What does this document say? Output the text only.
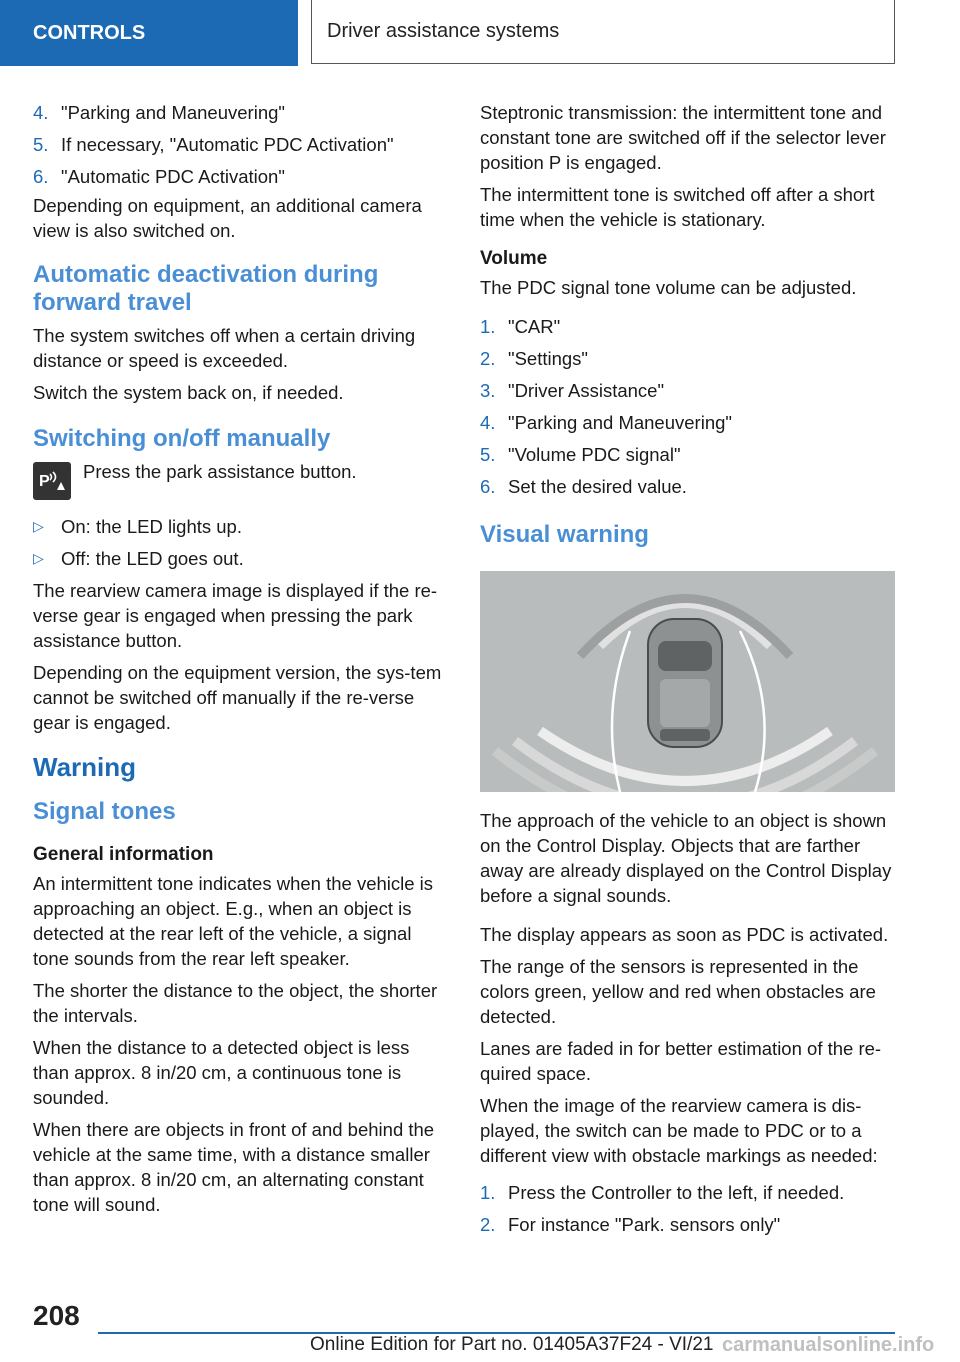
CONTROLS	Driver assistance systems
4. "Parking and Maneuvering"
5. If necessary, "Automatic PDC Activation"
6. "Automatic PDC Activation"

Depending on equipment, an additional camera view is also switched on.

Automatic deactivation during forward travel

The system switches off when a certain driving distance or speed is exceeded.

Switch the system back on, if needed.

Switching on/off manually
P Press the park assistance button.
▷ On: the LED lights up.
▷ Off: the LED goes out.

The rearview camera image is displayed if the re-verse gear is engaged when pressing the park assistance button.

Depending on the equipment version, the sys-tem cannot be switched off manually if the re-verse gear is engaged.

Warning
Signal tones
General information

An intermittent tone indicates when the vehicle is approaching an object. E.g., when an object is detected at the rear left of the vehicle, a signal tone sounds from the rear left speaker.

The shorter the distance to the object, the shorter the intervals.

When the distance to a detected object is less than approx. 8 in/20 cm, a continuous tone is sounded.

When there are objects in front of and behind the vehicle at the same time, with a distance smaller than approx. 8 in/20 cm, an alternating constant tone will sound.

Steptronic transmission: the intermittent tone and constant tone are switched off if the selector lever position P is engaged.

The intermittent tone is switched off after a short time when the vehicle is stationary.

Volume

The PDC signal tone volume can be adjusted.

1. "CAR"
2. "Settings"
3. "Driver Assistance"
4. "Parking and Maneuvering"
5. "Volume PDC signal"
6. Set the desired value.
Visual warning

The approach of the vehicle to an object is shown on the Control Display. Objects that are farther away are already displayed on the Control Display before a signal sounds.

The display appears as soon as PDC is activated.

The range of the sensors is represented in the colors green, yellow and red when obstacles are detected.

Lanes are faded in for better estimation of the re-quired space.

When the image of the rearview camera is dis-played, the switch can be made to PDC or to a different view with obstacle markings as needed:

1. Press the Controller to the left, if needed.
2. For instance "Park. sensors only"
208
Online Edition for Part no. 01405A37F24 - VI/21 carmanualsonline.info
